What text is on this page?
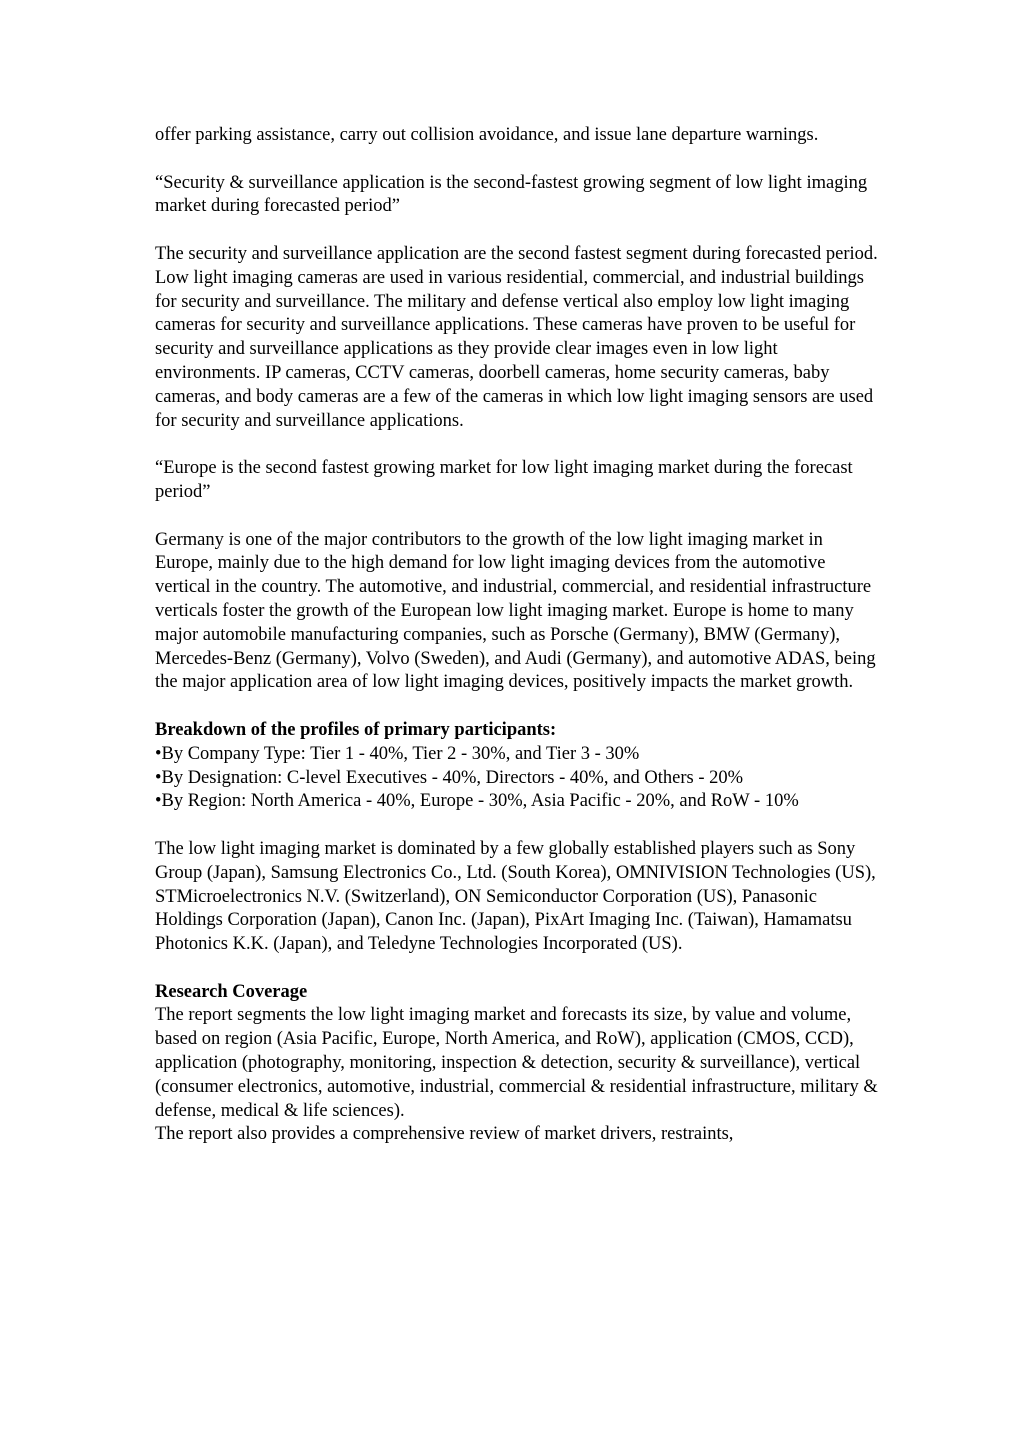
offer parking assistance, carry out collision avoidance, and issue lane departure warnings.

“Security & surveillance application is the second-fastest growing segment of low light imaging market during forecasted period”

The security and surveillance application are the second fastest segment during forecasted period. Low light imaging cameras are used in various residential, commercial, and industrial buildings for security and surveillance. The military and defense vertical also employ low light imaging cameras for security and surveillance applications. These cameras have proven to be useful for security and surveillance applications as they provide clear images even in low light environments. IP cameras, CCTV cameras, doorbell cameras, home security cameras, baby cameras, and body cameras are a few of the cameras in which low light imaging sensors are used for security and surveillance applications.

“Europe is the second fastest growing market for low light imaging market during the forecast period”

Germany is one of the major contributors to the growth of the low light imaging market in Europe, mainly due to the high demand for low light imaging devices from the automotive vertical in the country. The automotive, and industrial, commercial, and residential infrastructure verticals foster the growth of the European low light imaging market. Europe is home to many major automobile manufacturing companies, such as Porsche (Germany), BMW (Germany), Mercedes-Benz (Germany), Volvo (Sweden), and Audi (Germany), and automotive ADAS, being the major application area of low light imaging devices, positively impacts the market growth.

Breakdown of the profiles of primary participants:
•By Company Type: Tier 1 - 40%, Tier 2 - 30%, and Tier 3 - 30%
•By Designation: C-level Executives - 40%, Directors - 40%, and Others - 20%
•By Region: North America - 40%, Europe - 30%, Asia Pacific - 20%, and RoW - 10%

The low light imaging market is dominated by a few globally established players such as Sony Group (Japan), Samsung Electronics Co., Ltd. (South Korea), OMNIVISION Technologies (US), STMicroelectronics N.V. (Switzerland), ON Semiconductor Corporation (US), Panasonic Holdings Corporation (Japan), Canon Inc. (Japan), PixArt Imaging Inc. (Taiwan), Hamamatsu Photonics K.K. (Japan), and Teledyne Technologies Incorporated (US).

Research Coverage
The report segments the low light imaging market and forecasts its size, by value and volume, based on region (Asia Pacific, Europe, North America, and RoW), application (CMOS, CCD), application (photography, monitoring, inspection & detection, security & surveillance), vertical (consumer electronics, automotive, industrial, commercial & residential infrastructure, military & defense, medical & life sciences).
The report also provides a comprehensive review of market drivers, restraints,
